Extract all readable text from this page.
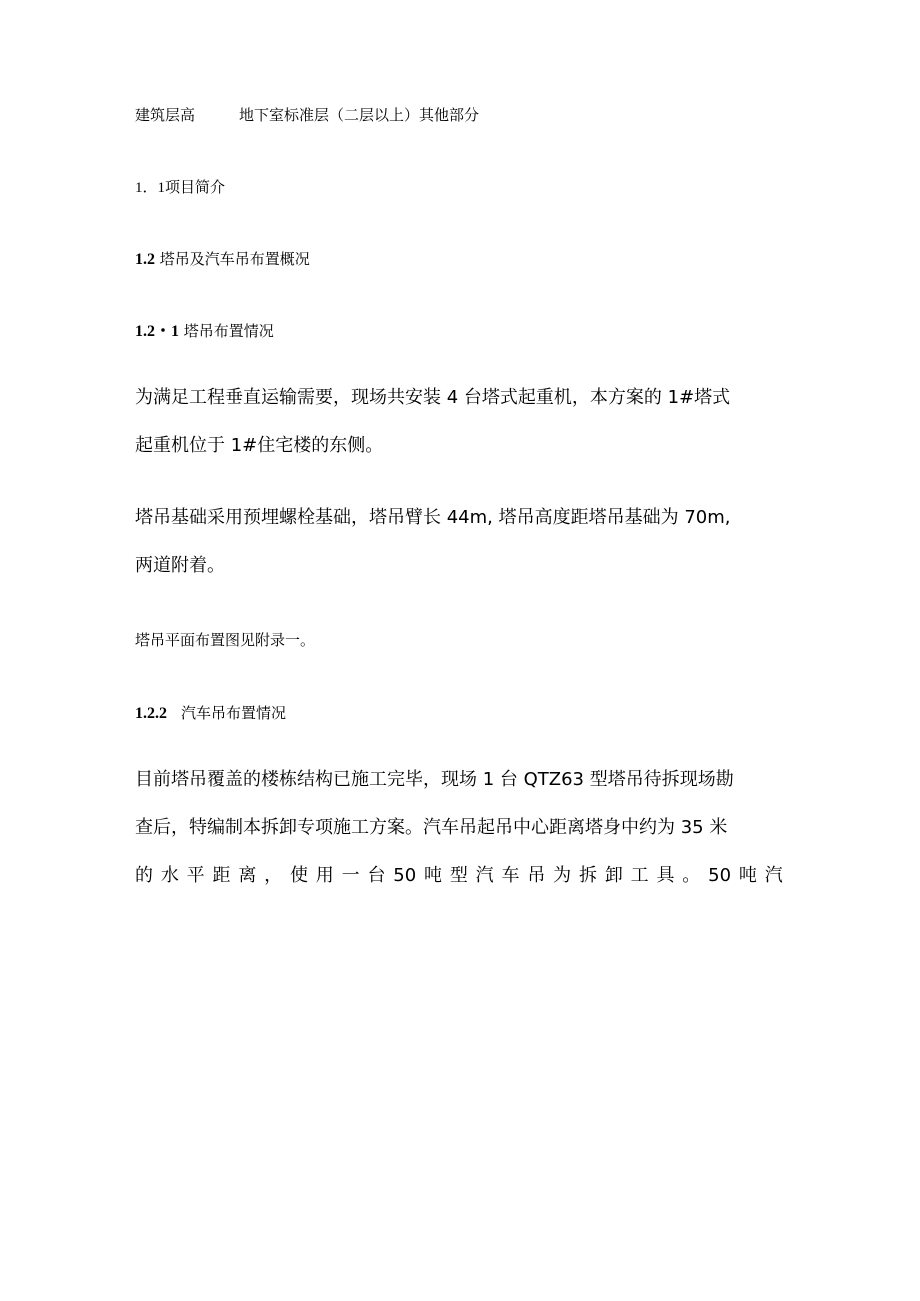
建筑层高	地下室标准层（二层以上）其他部分
1．1项目简介
1.2 塔吊及汽车吊布置概况
1.2・1 塔吊布置情况
为满足工程垂直运输需要，现场共安装 4 台塔式起重机，本方案的 1#塔式
起重机位于 1#住宅楼的东侧。
塔吊基础采用预埋螺栓基础，塔吊臂长 44m, 塔吊高度距塔吊基础为 70m,
两道附着。
塔吊平面布置图见附录一。
1.2.2 汽车吊布置情况
目前塔吊覆盖的楼栋结构已施工完毕，现场 1 台 QTZ63 型塔吊待拆现场勘
查后，特编制本拆卸专项施工方案。汽车吊起吊中心距离塔身中约为 35 米
的 水 平 距 离 ， 使 用 一 台 50 吨 型 汽 车 吊 为 拆 卸 工 具 。 50 吨 汽
